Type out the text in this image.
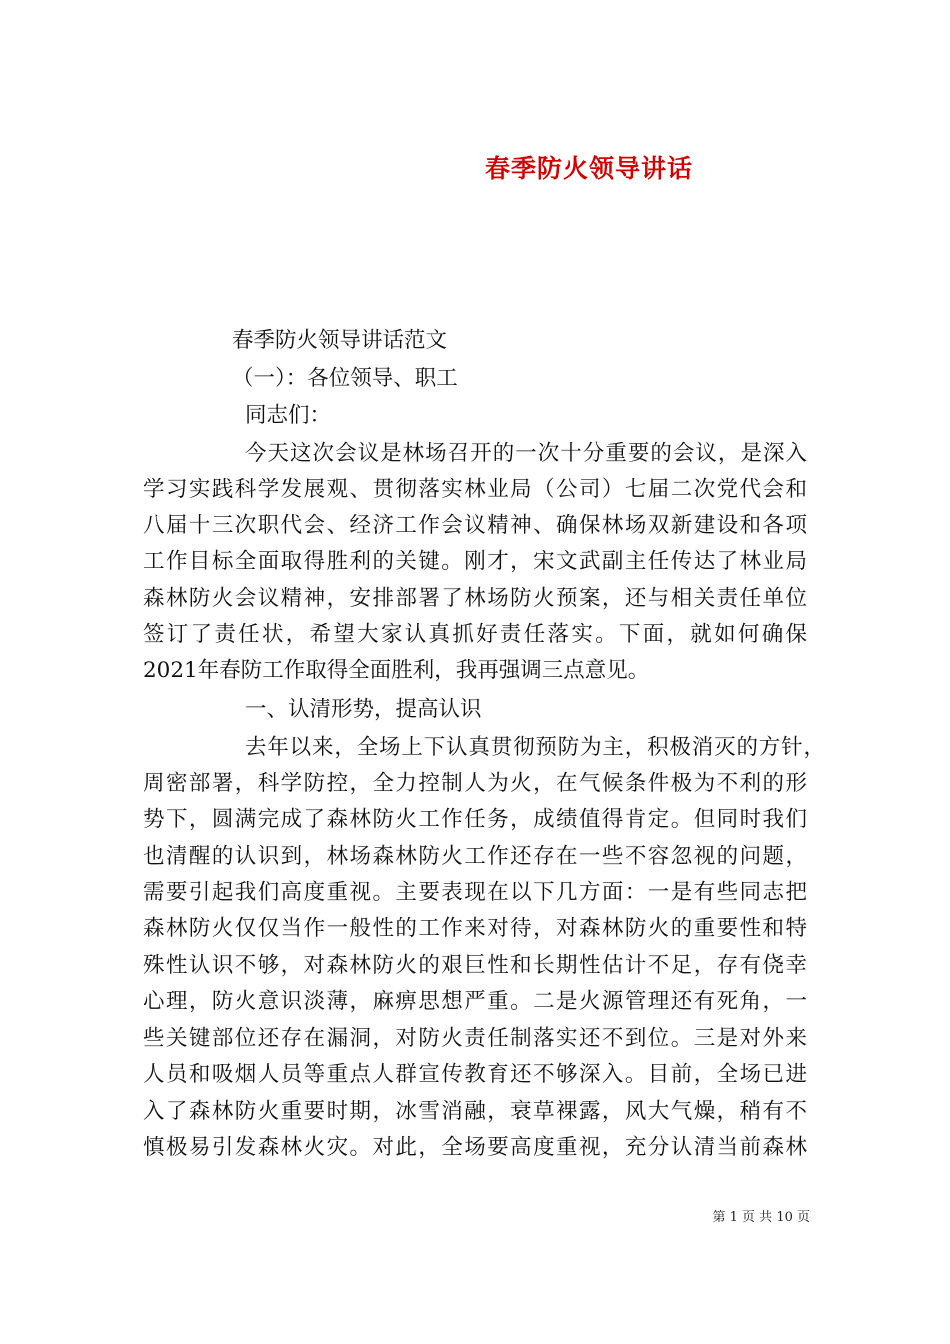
春季防火领导讲话

春季防火领导讲话范文

（一）：各位领导、职工

同志们：

今天这次会议是林场召开的一次十分重要的会议，是深入

学习实践科学发展观、贯彻落实林业局（公司）七届二次党代会和

八届十三次职代会、经济工作会议精神、确保林场双新建设和各项

工作目标全面取得胜利的关键。刚才，宋文武副主任传达了林业局

森林防火会议精神，安排部署了林场防火预案，还与相关责任单位

签订了责任状，希望大家认真抓好责任落实。下面，就如何确保

2021年春防工作取得全面胜利，我再强调三点意见。

一、认清形势，提高认识

去年以来，全场上下认真贯彻预防为主，积极消灭的方针，

周密部署，科学防控，全力控制人为火，在气候条件极为不利的形

势下，圆满完成了森林防火工作任务，成绩值得肯定。但同时我们

也清醒的认识到，林场森林防火工作还存在一些不容忽视的问题，

需要引起我们高度重视。主要表现在以下几方面：一是有些同志把

森林防火仅仅当作一般性的工作来对待，对森林防火的重要性和特

殊性认识不够，对森林防火的艰巨性和长期性估计不足，存有侥幸

心理，防火意识淡薄，麻痹思想严重。二是火源管理还有死角，一

些关键部位还存在漏洞，对防火责任制落实还不到位。三是对外来

人员和吸烟人员等重点人群宣传教育还不够深入。目前，全场已进

入了森林防火重要时期，冰雪消融，衰草裸露，风大气燥，稍有不

慎极易引发森林火灾。对此，全场要高度重视，充分认清当前森林

第 1 页 共 10 页
